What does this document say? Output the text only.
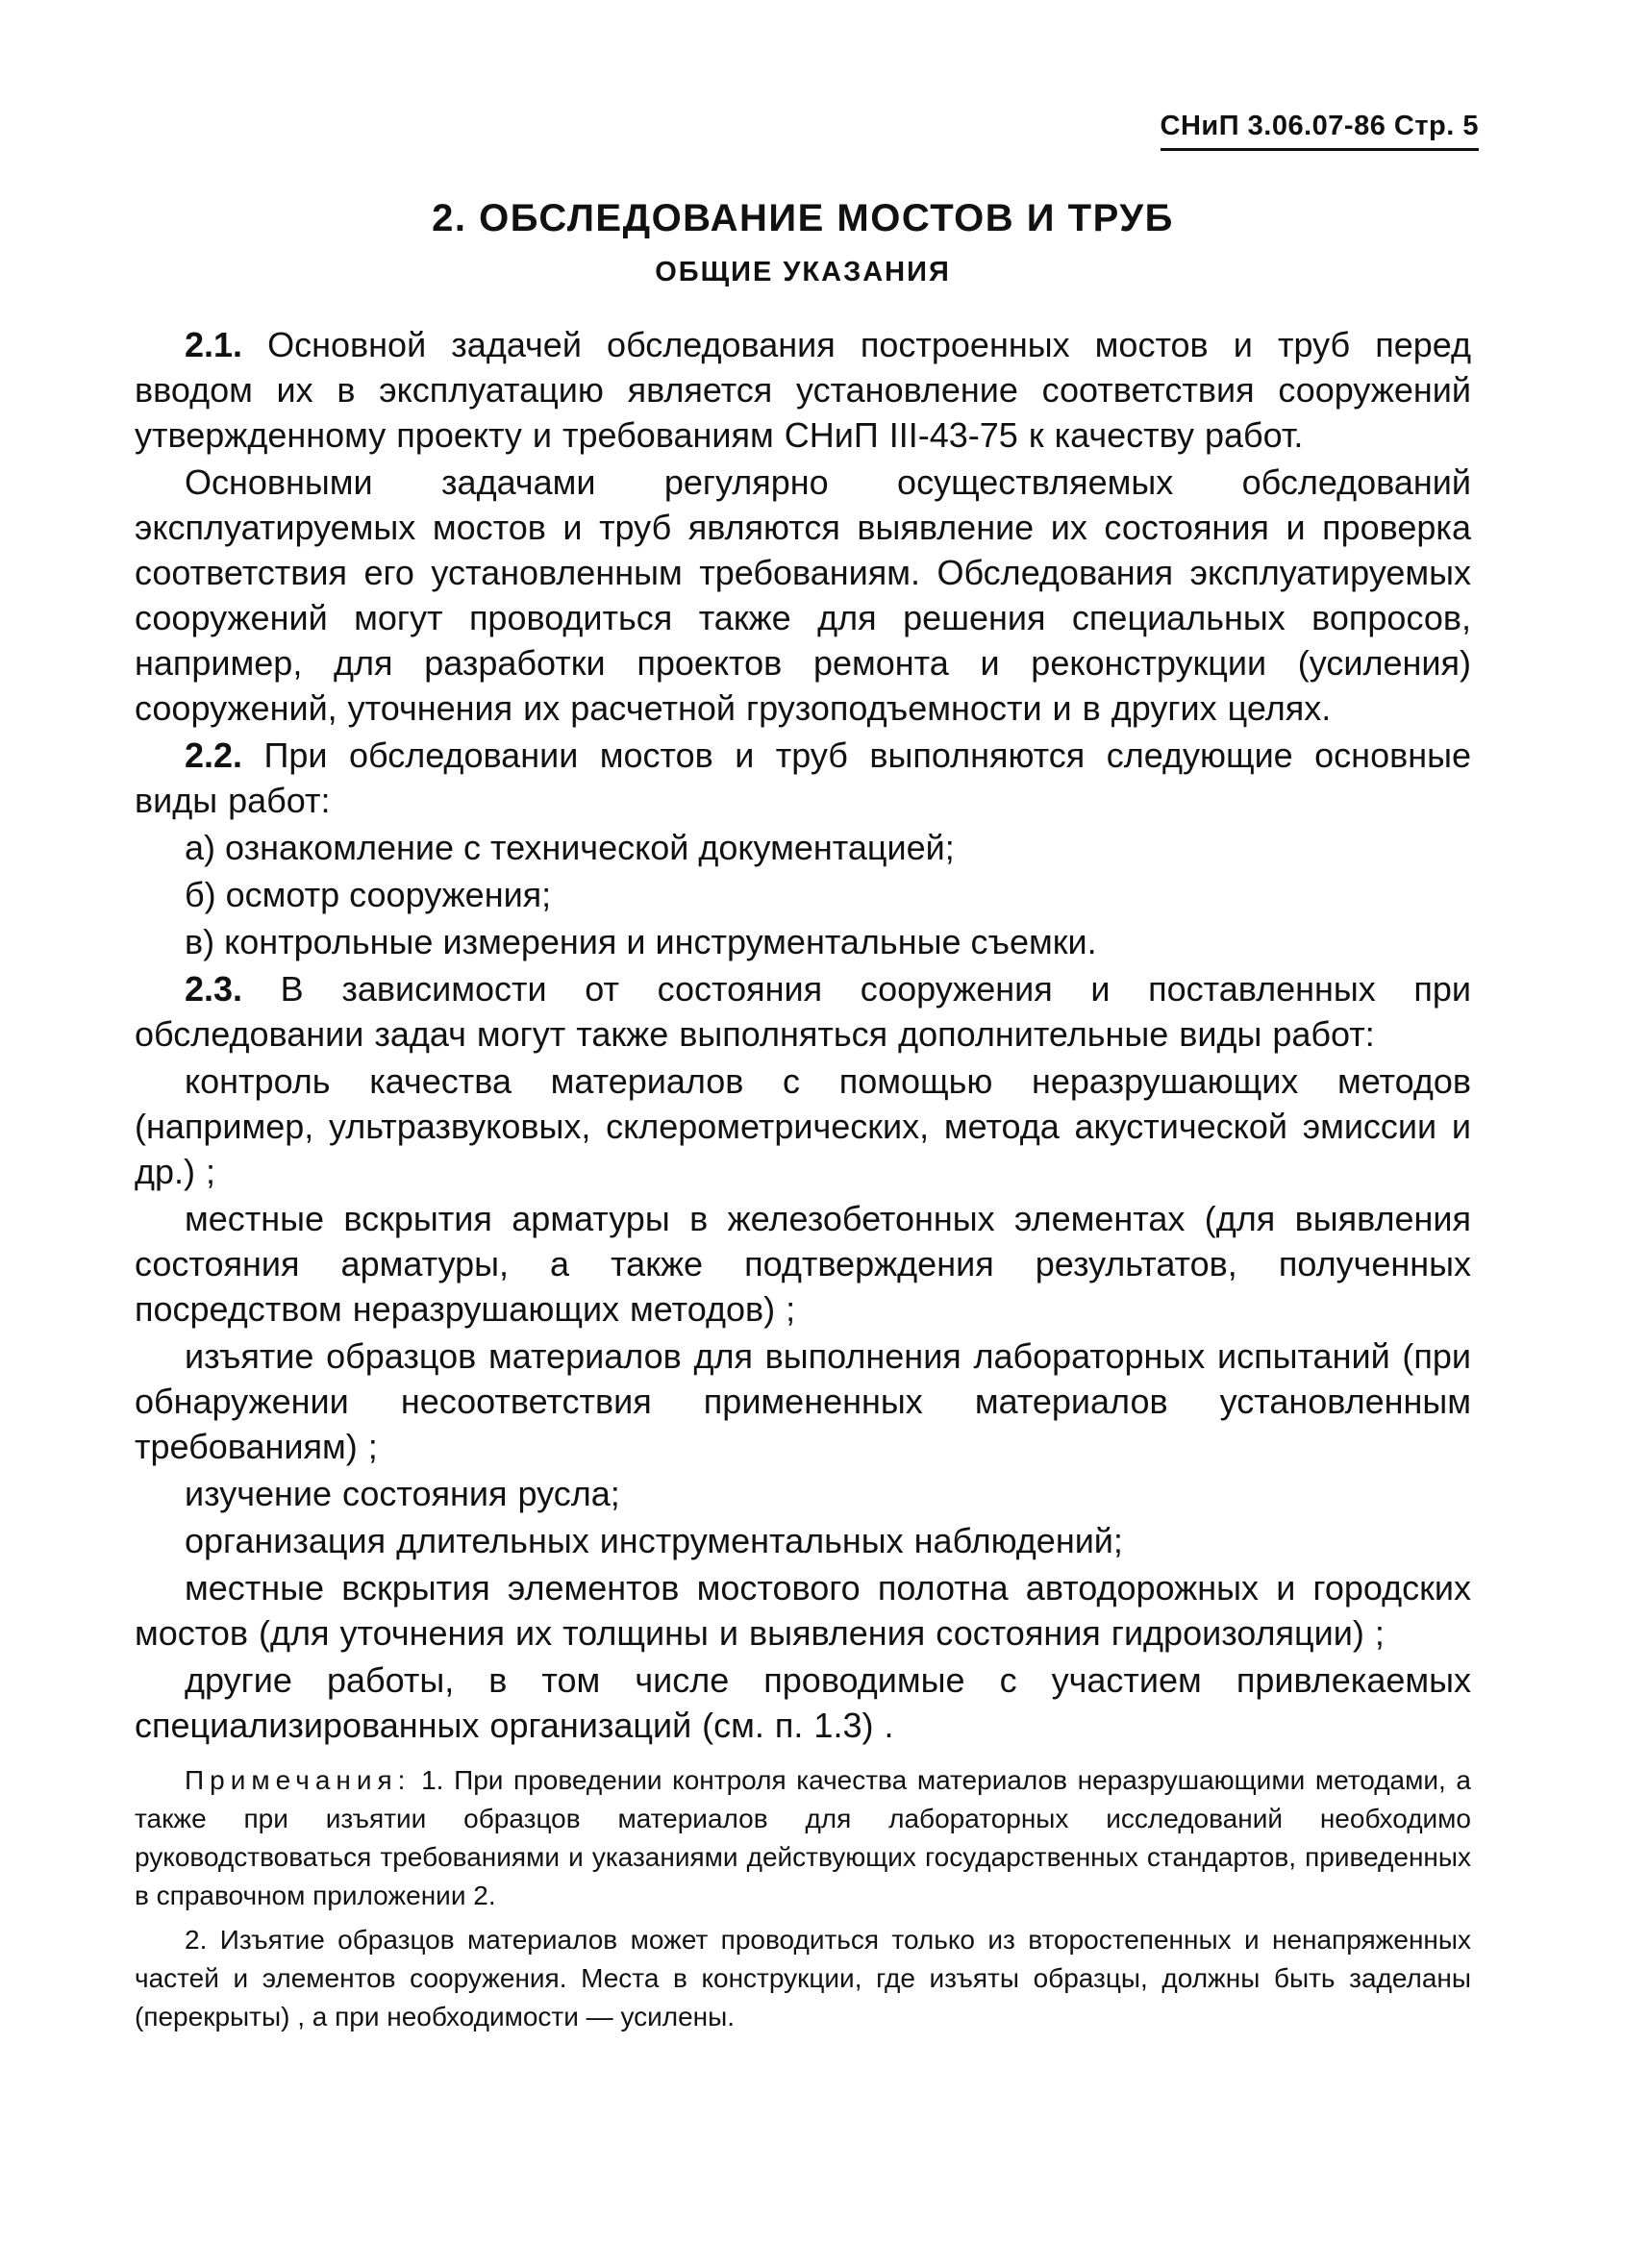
СНиП 3.06.07-86 Стр. 5
2. ОБСЛЕДОВАНИЕ МОСТОВ И ТРУБ
ОБЩИЕ УКАЗАНИЯ

2.1. Основной задачей обследования построенных мостов и труб перед вводом их в эксплуатацию является установление соответствия сооружений утвержденному проекту и требованиям СНиП III-43-75 к качеству работ.

Основными задачами регулярно осуществляемых обследований эксплуатируемых мостов и труб являются выявление их состояния и проверка соответствия его установленным требованиям. Обследования эксплуатируемых сооружений могут проводиться также для решения специальных вопросов, например, для разработки проектов ремонта и реконструкции (усиления) сооружений, уточнения их расчетной грузоподъемности и в других целях.

2.2. При обследовании мостов и труб выполняются следующие основные виды работ:

а) ознакомление с технической документацией;
б) осмотр сооружения;
в) контрольные измерения и инструментальные съемки.

2.3. В зависимости от состояния сооружения и поставленных при обследовании задач могут также выполняться дополнительные виды работ:

контроль качества материалов с помощью неразрушающих методов (например, ультразвуковых, склерометрических, метода акустической эмиссии и др.) ;

местные вскрытия арматуры в железобетонных элементах (для выявления состояния арматуры, а также подтверждения результатов, полученных посредством неразрушающих методов) ;

изъятие образцов материалов для выполнения лабораторных испытаний (при обнаружении несоответствия примененных материалов установленным требованиям) ;

изучение состояния русла;

организация длительных инструментальных наблюдений;

местные вскрытия элементов мостового полотна автодорожных и городских мостов (для уточнения их толщины и выявления состояния гидроизоляции) ;

другие работы, в том числе проводимые с участием привлекаемых специализированных организаций (см. п. 1.3) .

Примечания: 1. При проведении контроля качества материалов неразрушающими методами, а также при изъятии образцов материалов для лабораторных исследований необходимо руководствоваться требованиями и указаниями действующих государственных стандартов, приведенных в справочном приложении 2.

2. Изъятие образцов материалов может проводиться только из второстепенных и ненапряженных частей и элементов сооружения. Места в конструкции, где изъяты образцы, должны быть заделаны (перекрыты) , а при необходимости — усилены.
